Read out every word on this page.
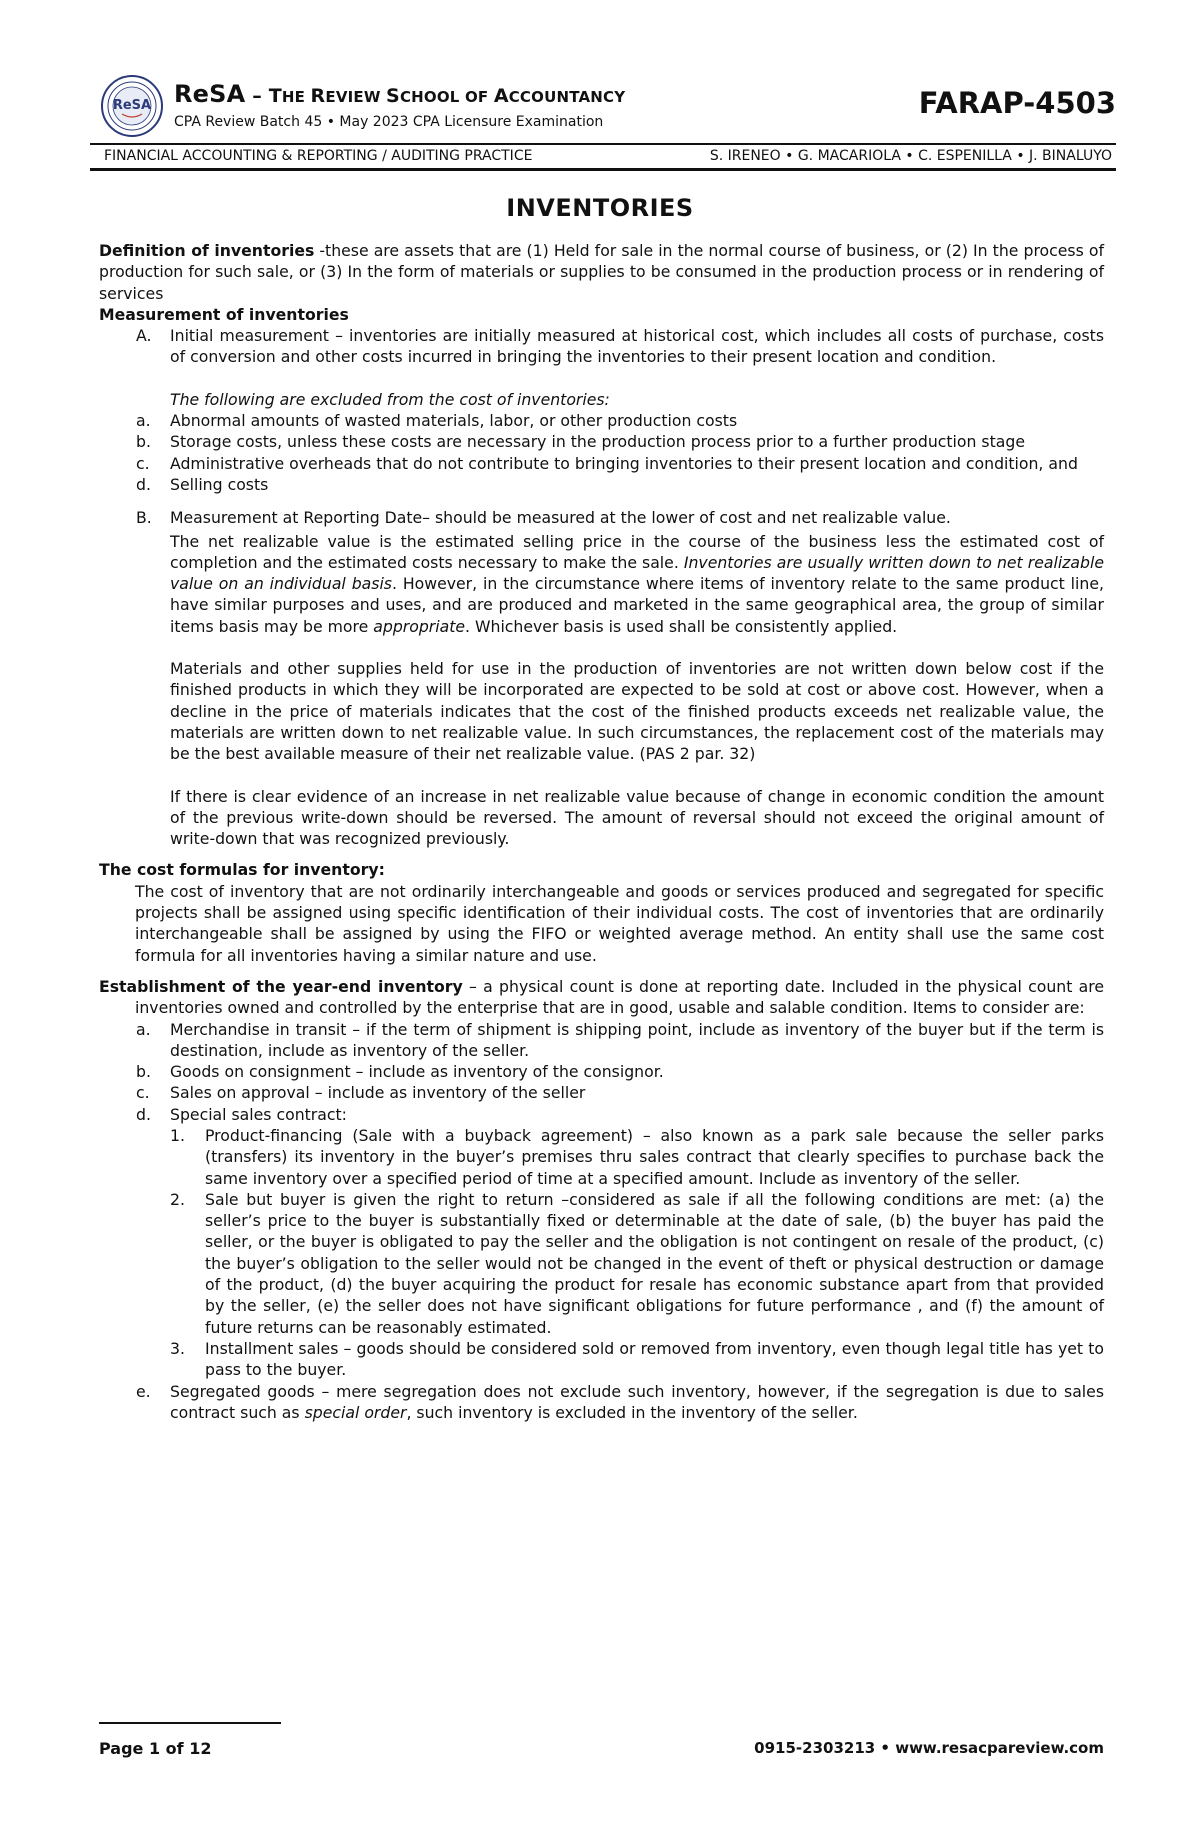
ReSA ReSA – THE REVIEW SCHOOL OF ACCOUNTANCY
CPA Review Batch 45 • May 2023 CPA Licensure Examination
FARAP-4503
FINANCIAL ACCOUNTING & REPORTING / AUDITING PRACTICE	S. IRENEO • G. MACARIOLA • C. ESPENILLA • J. BINALUYO
INVENTORIES

Definition of inventories -these are assets that are (1) Held for sale in the normal course of business, or (2) In the process of production for such sale, or (3) In the form of materials or supplies to be consumed in the production process or in rendering of services

Measurement of inventories

A. Initial measurement – inventories are initially measured at historical cost, which includes all costs of purchase, costs of conversion and other costs incurred in bringing the inventories to their present location and condition.

The following are excluded from the cost of inventories:

a. Abnormal amounts of wasted materials, labor, or other production costs
b. Storage costs, unless these costs are necessary in the production process prior to a further production stage
c. Administrative overheads that do not contribute to bringing inventories to their present location and condition, and
d. Selling costs
B. Measurement at Reporting Date– should be measured at the lower of cost and net realizable value.

The net realizable value is the estimated selling price in the course of the business less the estimated cost of completion and the estimated costs necessary to make the sale. Inventories are usually written down to net realizable value on an individual basis. However, in the circumstance where items of inventory relate to the same product line, have similar purposes and uses, and are produced and marketed in the same geographical area, the group of similar items basis may be more appropriate. Whichever basis is used shall be consistently applied.

Materials and other supplies held for use in the production of inventories are not written down below cost if the finished products in which they will be incorporated are expected to be sold at cost or above cost. However, when a decline in the price of materials indicates that the cost of the finished products exceeds net realizable value, the materials are written down to net realizable value. In such circumstances, the replacement cost of the materials may be the best available measure of their net realizable value. (PAS 2 par. 32)

If there is clear evidence of an increase in net realizable value because of change in economic condition the amount of the previous write-down should be reversed. The amount of reversal should not exceed the original amount of write-down that was recognized previously.

The cost formulas for inventory:

The cost of inventory that are not ordinarily interchangeable and goods or services produced and segregated for specific projects shall be assigned using specific identification of their individual costs. The cost of inventories that are ordinarily interchangeable shall be assigned by using the FIFO or weighted average method. An entity shall use the same cost formula for all inventories having a similar nature and use.

Establishment of the year-end inventory – a physical count is done at reporting date. Included in the physical count are inventories owned and controlled by the enterprise that are in good, usable and salable condition. Items to consider are:

a. Merchandise in transit – if the term of shipment is shipping point, include as inventory of the buyer but if the term is destination, include as inventory of the seller.
b. Goods on consignment – include as inventory of the consignor.
c. Sales on approval – include as inventory of the seller
d. Special sales contract:
1. Product-financing (Sale with a buyback agreement) – also known as a park sale because the seller parks (transfers) its inventory in the buyer’s premises thru sales contract that clearly specifies to purchase back the same inventory over a specified period of time at a specified amount. Include as inventory of the seller.
2. Sale but buyer is given the right to return –considered as sale if all the following conditions are met: (a) the seller’s price to the buyer is substantially fixed or determinable at the date of sale, (b) the buyer has paid the seller, or the buyer is obligated to pay the seller and the obligation is not contingent on resale of the product, (c) the buyer’s obligation to the seller would not be changed in the event of theft or physical destruction or damage of the product, (d) the buyer acquiring the product for resale has economic substance apart from that provided by the seller, (e) the seller does not have significant obligations for future performance , and (f) the amount of future returns can be reasonably estimated.
3. Installment sales – goods should be considered sold or removed from inventory, even though legal title has yet to pass to the buyer.
e. Segregated goods – mere segregation does not exclude such inventory, however, if the segregation is due to sales contract such as special order, such inventory is excluded in the inventory of the seller.
Page 1 of 12	0915-2303213 • www.resacpareview.com
